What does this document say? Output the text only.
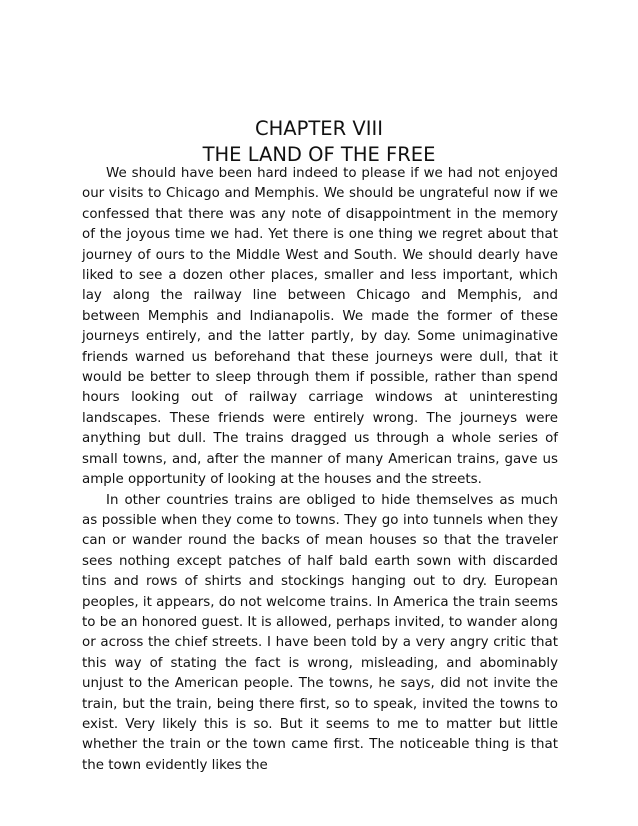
CHAPTER VIII
THE LAND OF THE FREE

We should have been hard indeed to please if we had not enjoyed our visits to Chicago and Memphis. We should be ungrateful now if we confessed that there was any note of disappointment in the memory of the joyous time we had. Yet there is one thing we regret about that journey of ours to the Middle West and South. We should dearly have liked to see a dozen other places, smaller and less important, which lay along the railway line between Chicago and Memphis, and between Memphis and Indianapolis. We made the former of these journeys entirely, and the latter partly, by day. Some unimaginative friends warned us beforehand that these journeys were dull, that it would be better to sleep through them if possible, rather than spend hours looking out of railway carriage windows at uninteresting landscapes. These friends were entirely wrong. The journeys were anything but dull. The trains dragged us through a whole series of small towns, and, after the manner of many American trains, gave us ample opportunity of looking at the houses and the streets.

In other countries trains are obliged to hide themselves as much as possible when they come to towns. They go into tunnels when they can or wander round the backs of mean houses so that the traveler sees nothing except patches of half bald earth sown with discarded tins and rows of shirts and stockings hanging out to dry. European peoples, it appears, do not welcome trains. In America the train seems to be an honored guest. It is allowed, perhaps invited, to wander along or across the chief streets. I have been told by a very angry critic that this way of stating the fact is wrong, misleading, and abominably unjust to the American people. The towns, he says, did not invite the train, but the train, being there first, so to speak, invited the towns to exist. Very likely this is so. But it seems to me to matter but little whether the train or the town came first. The noticeable thing is that the town evidently likes the
